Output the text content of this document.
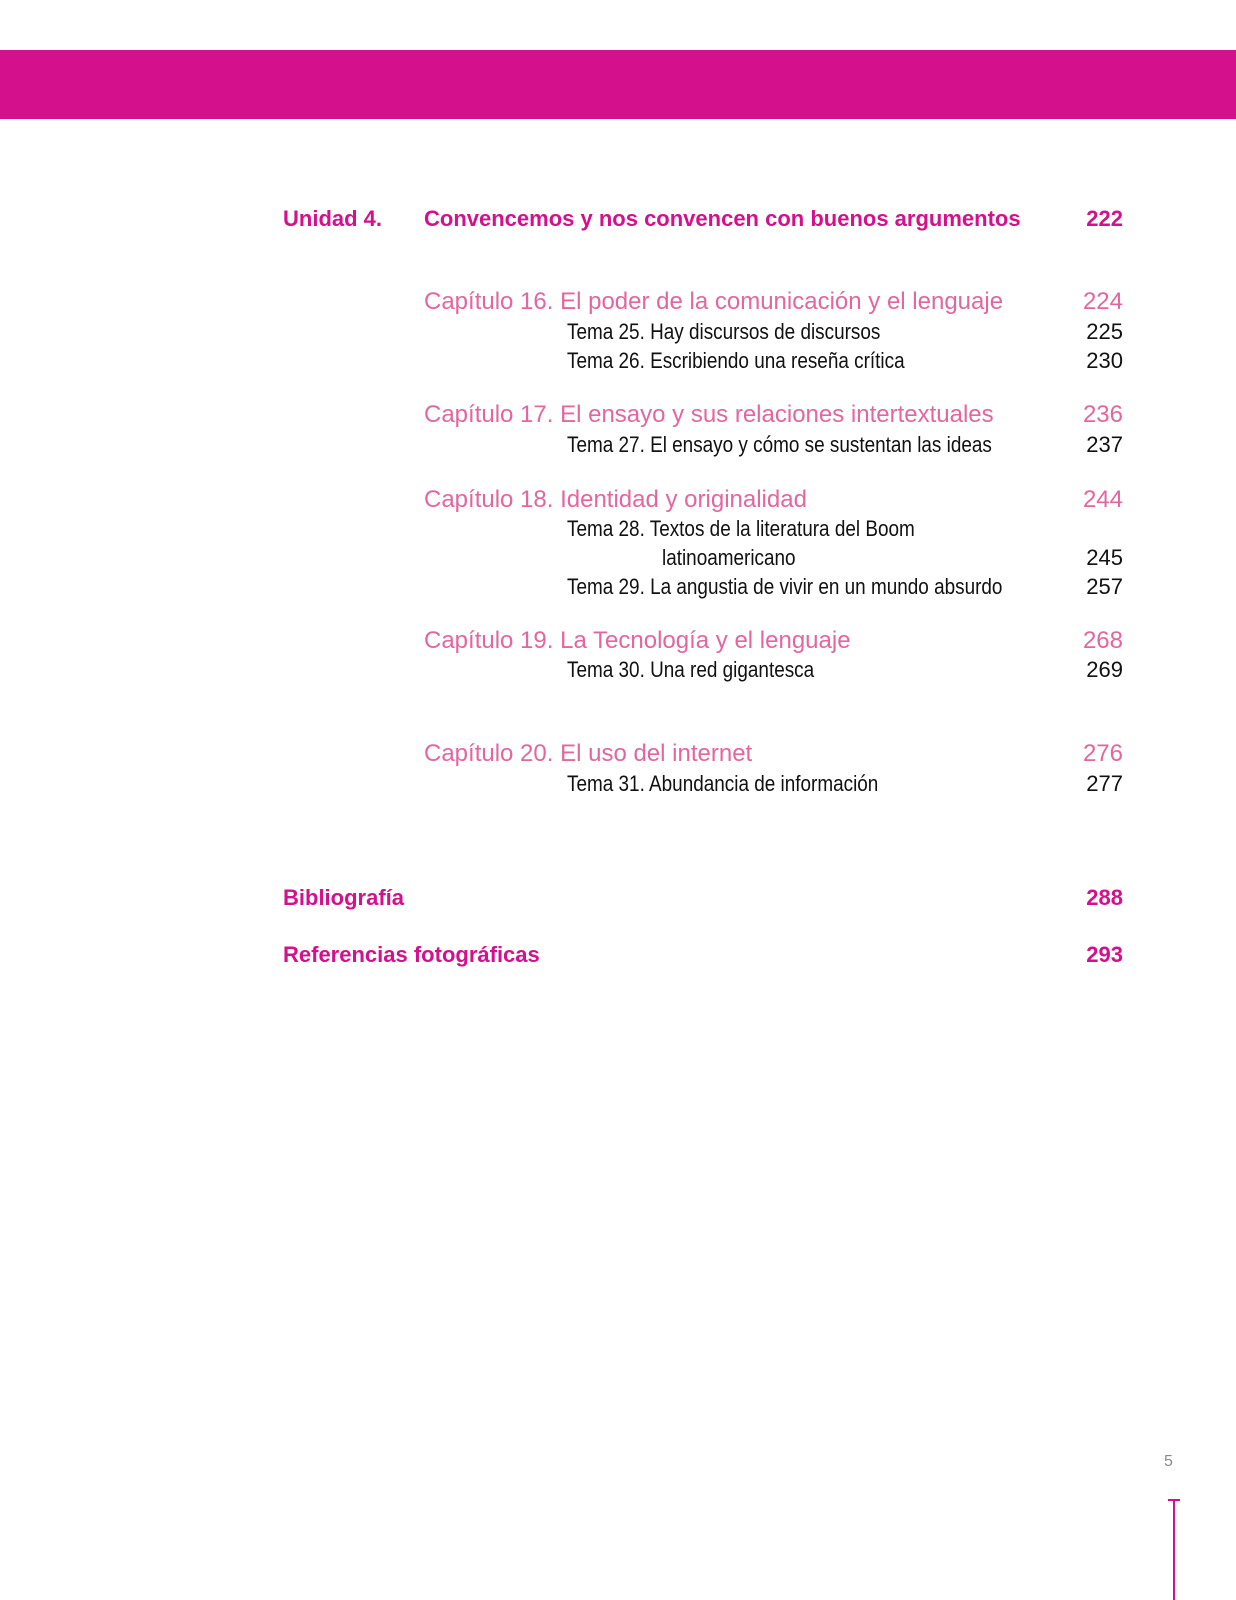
Unidad 4. Convencemos y nos convencen con buenos argumentos	222
Capítulo 16. El poder de la comunicación y el lenguaje	224
Tema 25. Hay discursos de discursos	225
Tema 26. Escribiendo una reseña crítica	230
Capítulo 17. El ensayo y sus relaciones intertextuales	236
Tema 27. El ensayo y cómo se sustentan las ideas	237
Capítulo 18. Identidad y originalidad	244
Tema 28. Textos de la literatura del Boom
latinoamericano	245
Tema 29. La angustia de vivir en un mundo absurdo	257
Capítulo 19. La Tecnología y el lenguaje	268
Tema 30. Una red gigantesca	269
Capítulo 20. El uso del internet	276
Tema 31. Abundancia de información	277
Bibliografía	288
Referencias fotográficas	293
5
